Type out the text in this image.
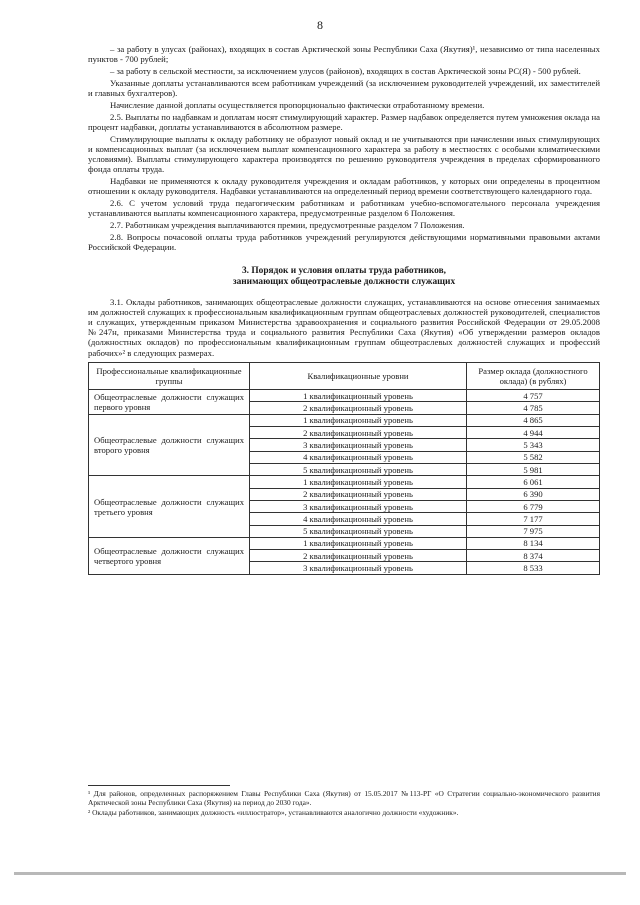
8

– за работу в улусах (районах), входящих в состав Арктической зоны Республики Саха (Якутия)¹, независимо от типа населенных пунктов - 700 рублей;

– за работу в сельской местности, за исключением улусов (районов), входящих в состав Арктической зоны РС(Я) - 500 рублей.

Указанные доплаты устанавливаются всем работникам учреждений (за исключением руководителей учреждений, их заместителей и главных бухгалтеров).

Начисление данной доплаты осуществляется пропорционально фактически отработанному времени.

2.5. Выплаты по надбавкам и доплатам носят стимулирующий характер. Размер надбавок определяется путем умножения оклада на процент надбавки, доплаты устанавливаются в абсолютном размере.

Стимулирующие выплаты к окладу работнику не образуют новый оклад и не учитываются при начислении иных стимулирующих и компенсационных выплат (за исключением выплат компенсационного характера за работу в местностях с особыми климатическими условиями). Выплаты стимулирующего характера производятся по решению руководителя учреждения в пределах сформированного фонда оплаты труда.

Надбавки не применяются к окладу руководителя учреждения и окладам работников, у которых они определены в процентном отношении к окладу руководителя. Надбавки устанавливаются на определенный период времени соответствующего календарного года.

2.6. С учетом условий труда педагогическим работникам и работникам учебно-вспомогательного персонала учреждения устанавливаются выплаты компенсационного характера, предусмотренные разделом 6 Положения.

2.7. Работникам учреждения выплачиваются премии, предусмотренные разделом 7 Положения.

2.8. Вопросы почасовой оплаты труда работников учреждений регулируются действующими нормативными правовыми актами Российской Федерации.

3. Порядок и условия оплаты труда работников,
занимающих общеотраслевые должности служащих

3.1. Оклады работников, занимающих общеотраслевые должности служащих, устанавливаются на основе отнесения занимаемых им должностей служащих к профессиональным квалификационным группам общеотраслевых должностей руководителей, специалистов и служащих, утвержденным приказом Министерства здравоохранения и социального развития Российской Федерации от 29.05.2008 №247н, приказами Министерства труда и социального развития Республики Саха (Якутия) «Об утверждении размеров окладов (должностных окладов) по профессиональным квалификационным группам общеотраслевых должностей служащих и профессий рабочих»² в следующих размерах.

Профессиональные квалификационные группы	Квалификационные уровни	Размер оклада (должностного оклада) (в рублях)
Общеотраслевые должности служащих первого уровня	1 квалификационный уровень	4 757
	2 квалификационный уровень	4 785
Общеотраслевые должности служащих второго уровня	1 квалификационный уровень	4 865
	2 квалификационный уровень	4 944
	3 квалификационный уровень	5 343
	4 квалификационный уровень	5 582
	5 квалификационный уровень	5 981
Общеотраслевые должности служащих третьего уровня	1 квалификационный уровень	6 061
	2 квалификационный уровень	6 390
	3 квалификационный уровень	6 779
	4 квалификационный уровень	7 177
	5 квалификационный уровень	7 975
Общеотраслевые должности служащих четвертого уровня	1 квалификационный уровень	8 134
	2 квалификационный уровень	8 374
	3 квалификационный уровень	8 533

¹ Для районов, определенных распоряжением Главы Республики Саха (Якутия) от 15.05.2017 №113-РГ «О Стратегии социально-экономического развития Арктической зоны Республики Саха (Якутия) на период до 2030 года».

² Оклады работников, занимающих должность «иллюстратор», устанавливаются аналогично должности «художник».
